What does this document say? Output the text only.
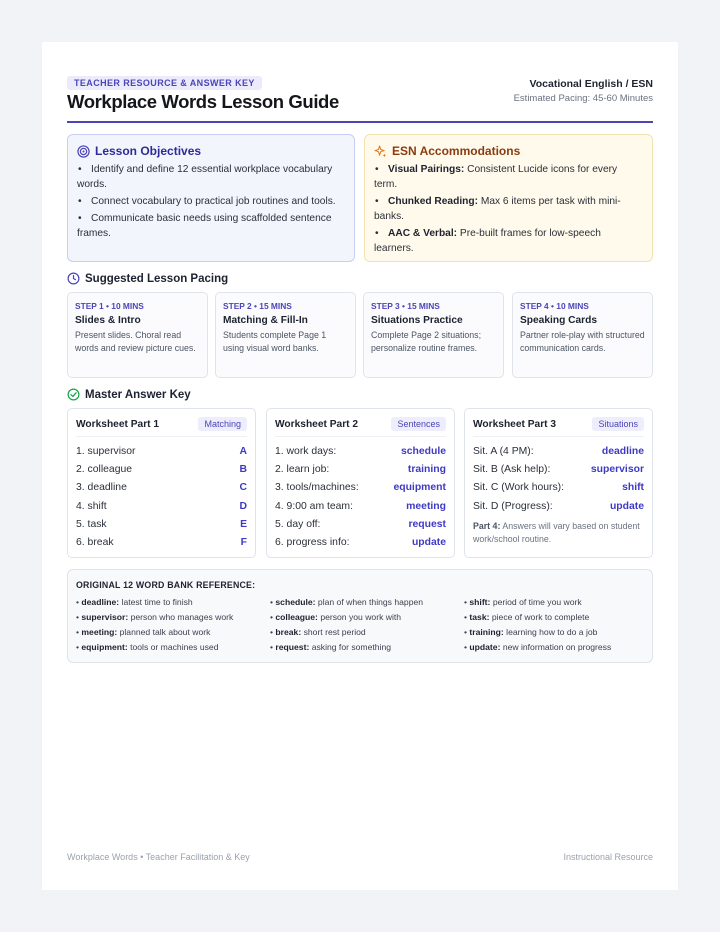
TEACHER RESOURCE & ANSWER KEY
Workplace Words Lesson Guide
Vocational English / ESN
Estimated Pacing: 45-60 Minutes
Lesson Objectives
• Identify and define 12 essential workplace vocabulary words.
• Connect vocabulary to practical job routines and tools.
• Communicate basic needs using scaffolded sentence frames.
ESN Accommodations
• Visual Pairings: Consistent Lucide icons for every term.
• Chunked Reading: Max 6 items per task with mini-banks.
• AAC & Verbal: Pre-built frames for low-speech learners.
Suggested Lesson Pacing
STEP 1 • 10 MINS
Slides & Intro
Present slides. Choral read words and review picture cues.
STEP 2 • 15 MINS
Matching & Fill-In
Students complete Page 1 using visual word banks.
STEP 3 • 15 MINS
Situations Practice
Complete Page 2 situations; personalize routine frames.
STEP 4 • 10 MINS
Speaking Cards
Partner role-play with structured communication cards.
Master Answer Key
Worksheet Part 1	Matching
1. supervisor	A
2. colleague	B
3. deadline	C
4. shift	D
5. task	E
6. break	F
Worksheet Part 2	Sentences
1. work days:	schedule
2. learn job:	training
3. tools/machines:	equipment
4. 9:00 am team:	meeting
5. day off:	request
6. progress info:	update
Worksheet Part 3	Situations
Sit. A (4 PM):	deadline
Sit. B (Ask help):	supervisor
Sit. C (Work hours):	shift
Sit. D (Progress):	update
Part 4: Answers will vary based on student work/school routine.
ORIGINAL 12 WORD BANK REFERENCE:
• deadline: latest time to finish	• schedule: plan of when things happen	• shift: period of time you work
• supervisor: person who manages work	• colleague: person you work with	• task: piece of work to complete
• meeting: planned talk about work	• break: short rest period	• training: learning how to do a job
• equipment: tools or machines used	• request: asking for something	• update: new information on progress
Workplace Words • Teacher Facilitation & Key	Instructional Resource
